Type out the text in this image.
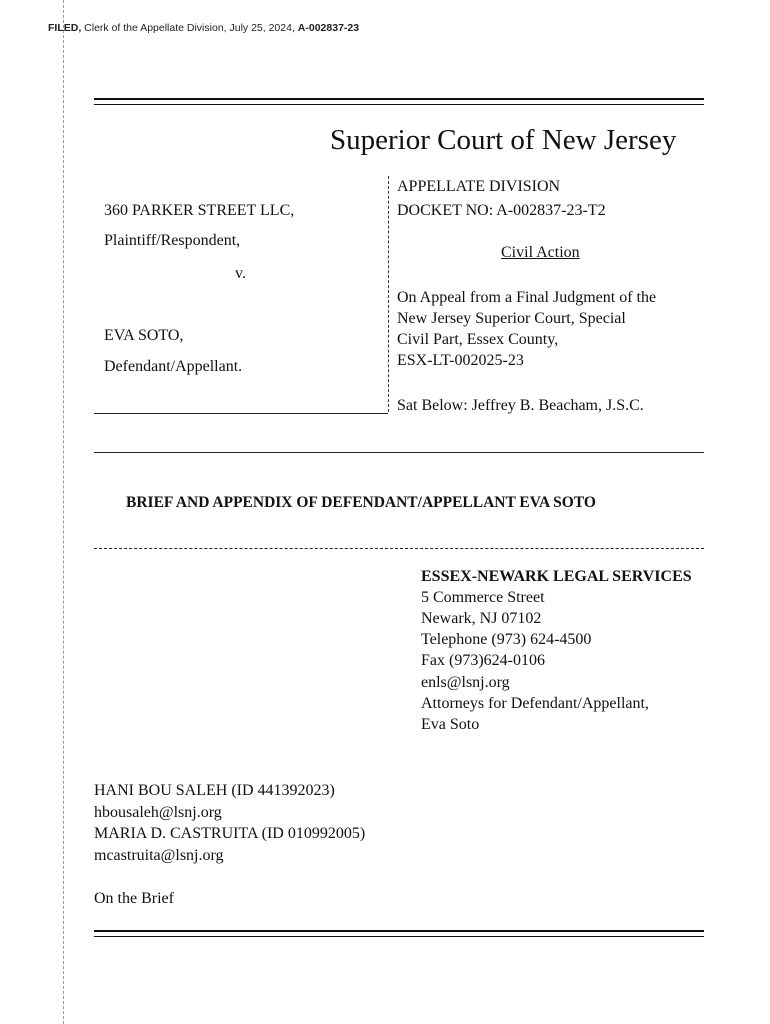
FILED, Clerk of the Appellate Division, July 25, 2024, A-002837-23
Superior Court of New Jersey
360 PARKER STREET LLC,
Plaintiff/Respondent,
v.
EVA SOTO,
Defendant/Appellant.
APPELLATE DIVISION
DOCKET NO: A-002837-23-T2
Civil Action
On Appeal from a Final Judgment of the
New Jersey Superior Court, Special
Civil Part, Essex County,
ESX-LT-002025-23
Sat Below: Jeffrey B. Beacham, J.S.C.
BRIEF AND APPENDIX OF DEFENDANT/APPELLANT EVA SOTO
ESSEX-NEWARK LEGAL SERVICES
5 Commerce Street
Newark, NJ 07102
Telephone (973) 624-4500
Fax (973)624-0106
enls@lsnj.org
Attorneys for Defendant/Appellant,
Eva Soto
HANI BOU SALEH (ID 441392023)
hbousaleh@lsnj.org
MARIA D. CASTRUITA (ID 010992005)
mcastruita@lsnj.org
On the Brief
